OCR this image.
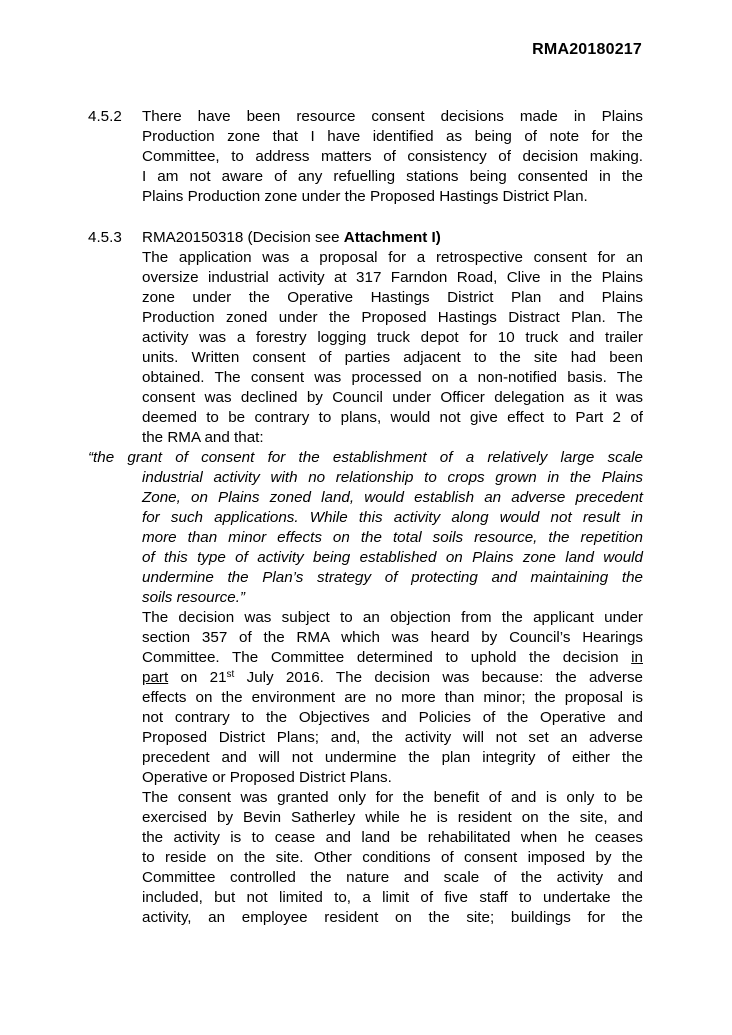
RMA20180217
4.5.2 There have been resource consent decisions made in Plains
Production zone that I have identified as being of note for the
Committee, to address matters of consistency of decision making.
I am not aware of any refuelling stations being consented in the
Plains Production zone under the Proposed Hastings District Plan.
4.5.3 RMA20150318 (Decision see Attachment I)
The application was a proposal for a retrospective consent for an
oversize industrial activity at 317 Farndon Road, Clive in the Plains
zone under the Operative Hastings District Plan and Plains
Production zoned under the Proposed Hastings Distract Plan. The
activity was a forestry logging truck depot for 10 truck and trailer
units. Written consent of parties adjacent to the site had been
obtained. The consent was processed on a non-notified basis. The
consent was declined by Council under Officer delegation as it was
deemed to be contrary to plans, would not give effect to Part 2 of
the RMA and that:
“the grant of consent for the establishment of a relatively large scale
industrial activity with no relationship to crops grown in the Plains
Zone, on Plains zoned land, would establish an adverse precedent
for such applications. While this activity along would not result in
more than minor effects on the total soils resource, the repetition
of this type of activity being established on Plains zone land would
undermine the Plan’s strategy of protecting and maintaining the
soils resource.”
The decision was subject to an objection from the applicant under
section 357 of the RMA which was heard by Council’s Hearings
Committee. The Committee determined to uphold the decision in
part on 21st July 2016. The decision was because: the adverse
effects on the environment are no more than minor; the proposal is
not contrary to the Objectives and Policies of the Operative and
Proposed District Plans; and, the activity will not set an adverse
precedent and will not undermine the plan integrity of either the
Operative or Proposed District Plans.
The consent was granted only for the benefit of and is only to be
exercised by Bevin Satherley while he is resident on the site, and
the activity is to cease and land be rehabilitated when he ceases
to reside on the site. Other conditions of consent imposed by the
Committee controlled the nature and scale of the activity and
included, but not limited to, a limit of five staff to undertake the
activity, an employee resident on the site; buildings for the
